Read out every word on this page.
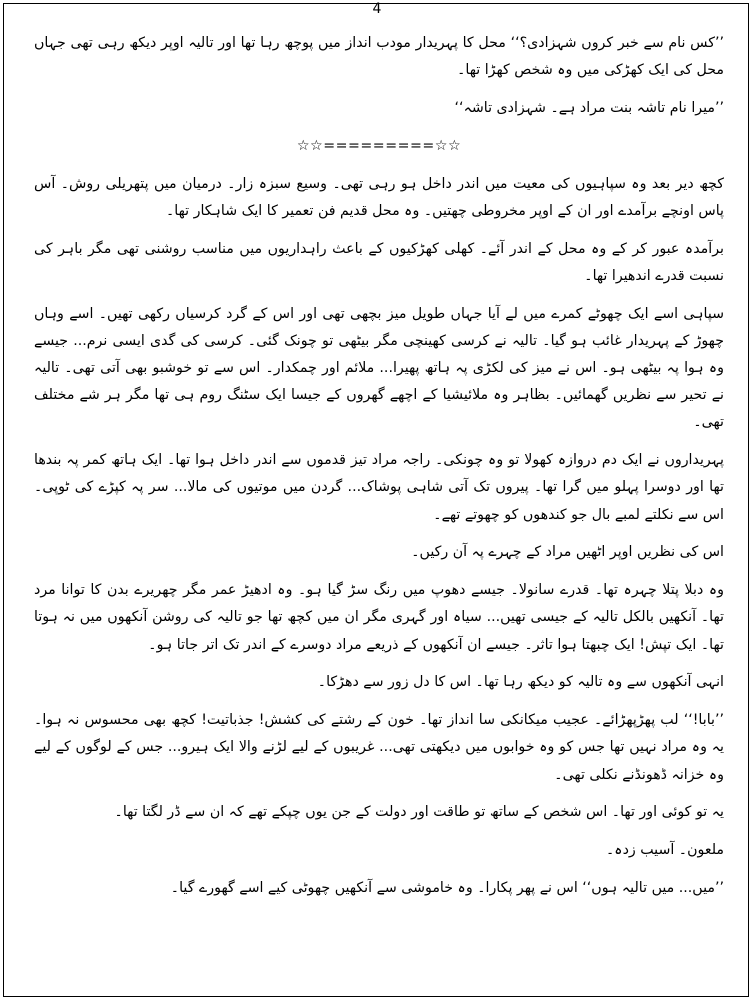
4

’’کس نام سے خبر کروں شہزادی؟‘‘ محل کا پہریدار مودب انداز میں پوچھ رہا تھا اور تالیہ اوپر دیکھ رہی تھی جہاں محل کی ایک کھڑکی میں وہ شخص کھڑا تھا۔

’’میرا نام تاشہ بنت مراد ہے۔ شہزادی تاشہ‘‘

☆☆=========☆☆

کچھ دیر بعد وہ سپاہیوں کی معیت میں اندر داخل ہو رہی تھی۔ وسیع سبزہ زار۔ درمیان میں پتھریلی روش۔ آس پاس اونچے برآمدے اور ان کے اوپر مخروطی چھتیں۔ وہ محل قدیم فن تعمیر کا ایک شاہکار تھا۔

برآمدہ عبور کر کے وہ محل کے اندر آئے۔ کھلی کھڑکیوں کے باعث راہداریوں میں مناسب روشنی تھی مگر باہر کی نسبت قدرے اندھیرا تھا۔

سپاہی اسے ایک چھوٹے کمرے میں لے آیا جہاں طویل میز بچھی تھی اور اس کے گرد کرسیاں رکھی تھیں۔ اسے وہاں چھوڑ کے پہریدار غائب ہو گیا۔ تالیہ نے کرسی کھینچی مگر بیٹھی تو چونک گئی۔ کرسی کی گدی ایسی نرم... جیسے وہ ہوا پہ بیٹھی ہو۔ اس نے میز کی لکڑی پہ ہاتھ پھیرا... ملائم اور چمکدار۔ اس سے تو خوشبو بھی آتی تھی۔ تالیہ نے تحیر سے نظریں گھمائیں۔ بظاہر وہ ملائیشیا کے اچھے گھروں کے جیسا ایک سٹنگ روم ہی تھا مگر ہر شے مختلف تھی۔

پہریداروں نے ایک دم دروازہ کھولا تو وہ چونکی۔ راجہ مراد تیز قدموں سے اندر داخل ہوا تھا۔ ایک ہاتھ کمر پہ بندھا تھا اور دوسرا پہلو میں گرا تھا۔ پیروں تک آتی شاہی پوشاک... گردن میں موتیوں کی مالا... سر پہ کپڑے کی ٹوپی۔ اس سے نکلتے لمبے بال جو کندھوں کو چھوتے تھے۔

اس کی نظریں اوپر اٹھیں مراد کے چہرے پہ آن رکیں۔

وہ دبلا پتلا چہرہ تھا۔ قدرے سانولا۔ جیسے دھوپ میں رنگ سڑ گیا ہو۔ وہ ادھیڑ عمر مگر چھریرے بدن کا توانا مرد تھا۔ آنکھیں بالکل تالیہ کے جیسی تھیں... سیاہ اور گہری مگر ان میں کچھ تھا جو تالیہ کی روشن آنکھوں میں نہ ہوتا تھا۔ ایک تپش! ایک چبھتا ہوا تاثر۔ جیسے ان آنکھوں کے ذریعے مراد دوسرے کے اندر تک اتر جاتا ہو۔

انہی آنکھوں سے وہ تالیہ کو دیکھ رہا تھا۔ اس کا دل زور سے دھڑکا۔

’’بابا!‘‘ لب پھڑپھڑائے۔ عجیب میکانکی سا انداز تھا۔ خون کے رشتے کی کشش! جذباتیت! کچھ بھی محسوس نہ ہوا۔ یہ وہ مراد نہیں تھا جس کو وہ خوابوں میں دیکھتی تھی... غریبوں کے لیے لڑنے والا ایک ہیرو... جس کے لوگوں کے لیے وہ خزانہ ڈھونڈنے نکلی تھی۔

یہ تو کوئی اور تھا۔ اس شخص کے ساتھ تو طاقت اور دولت کے جن یوں چپکے تھے کہ ان سے ڈر لگتا تھا۔

ملعون۔ آسیب زدہ۔

’’میں... میں تالیہ ہوں‘‘ اس نے پھر پکارا۔ وہ خاموشی سے آنکھیں چھوٹی کیے اسے گھورے گیا۔
